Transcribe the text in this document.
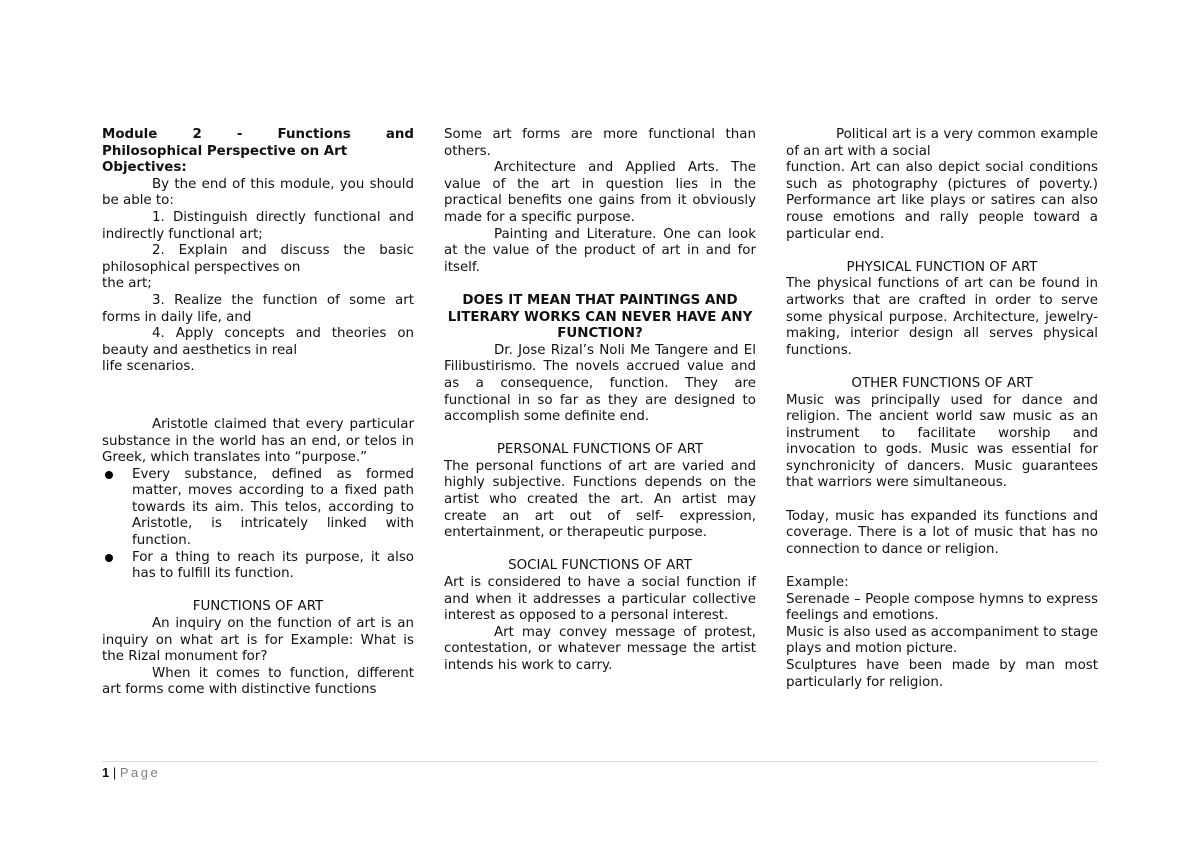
Module	2	-	Functions	and

Philosophical Perspective on Art

Objectives:

By the end of this module, you should be able to:

1. Distinguish directly functional and indirectly functional art;

2. Explain and discuss the basic philosophical perspectives on

the art;

3. Realize the function of some art forms in daily life, and

4. Apply concepts and theories on beauty and aesthetics in real

life scenarios.

Aristotle claimed that every particular substance in the world has an end, or telos in Greek, which translates into “purpose.”

Every substance, defined as formed matter, moves according to a fixed path towards its aim. This telos, according to Aristotle, is intricately linked with function.
For a thing to reach its purpose, it also has to fulfill its function.

FUNCTIONS OF ART

An inquiry on the function of art is an inquiry on what art is for Example: What is the Rizal monument for?

When it comes to function, different art forms come with distinctive functions

Some art forms are more functional than others.

Architecture and Applied Arts. The value of the art in question lies in the practical benefits one gains from it obviously made for a specific purpose.

Painting and Literature. One can look at the value of the product of art in and for itself.

DOES IT MEAN THAT PAINTINGS AND LITERARY WORKS CAN NEVER HAVE ANY

FUNCTION?

Dr. Jose Rizal’s Noli Me Tangere and El Filibustirismo. The novels accrued value and as a consequence, function. They are functional in so far as they are designed to accomplish some definite end.

PERSONAL FUNCTIONS OF ART

The personal functions of art are varied and highly subjective. Functions depends on the artist who created the art. An artist may create an art out of self- expression, entertainment, or therapeutic purpose.

SOCIAL FUNCTIONS OF ART

Art is considered to have a social function if and when it addresses a particular collective interest as opposed to a personal interest.

Art may convey message of protest, contestation, or whatever message the artist intends his work to carry.

Political art is a very common example of an art with a social

function. Art can also depict social conditions such as photography (pictures of poverty.) Performance art like plays or satires can also rouse emotions and rally people toward a particular end.

PHYSICAL FUNCTION OF ART

The physical functions of art can be found in artworks that are crafted in order to serve some physical purpose. Architecture, jewelry-making, interior design all serves physical functions.

OTHER FUNCTIONS OF ART

Music was principally used for dance and religion. The ancient world saw music as an instrument to facilitate worship and invocation to gods. Music was essential for synchronicity of dancers. Music guarantees that warriors were simultaneous.

Today, music has expanded its functions and coverage. There is a lot of music that has no connection to dance or religion.

Example:

Serenade – People compose hymns to express feelings and emotions.

Music is also used as accompaniment to stage plays and motion picture.

Sculptures have been made by man most particularly for religion.

1 | Page
